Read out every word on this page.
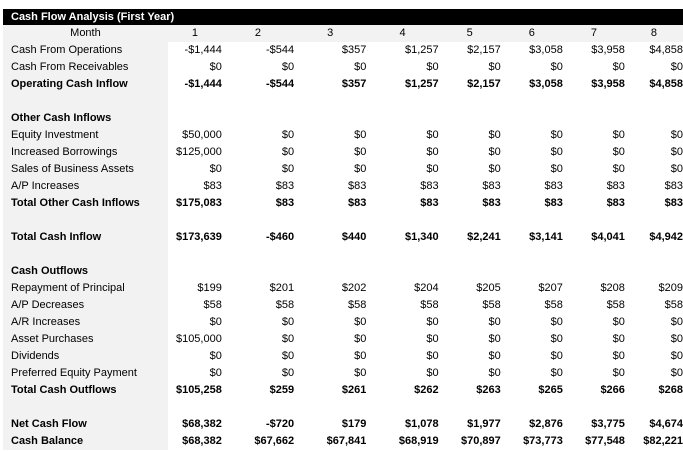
Cash Flow Analysis (First Year)
Month	1	2	3	4	5	6	7	8
Cash From Operations	-$1,444	-$544	$357	$1,257	$2,157	$3,058	$3,958	$4,858
Cash From Receivables	$0	$0	$0	$0	$0	$0	$0	$0
Operating Cash Inflow	-$1,444	-$544	$357	$1,257	$2,157	$3,058	$3,958	$4,858

Other Cash Inflows								
Equity Investment	$50,000	$0	$0	$0	$0	$0	$0	$0
Increased Borrowings	$125,000	$0	$0	$0	$0	$0	$0	$0
Sales of Business Assets	$0	$0	$0	$0	$0	$0	$0	$0
A/P Increases	$83	$83	$83	$83	$83	$83	$83	$83
Total Other Cash Inflows	$175,083	$83	$83	$83	$83	$83	$83	$83

Total Cash Inflow	$173,639	-$460	$440	$1,340	$2,241	$3,141	$4,041	$4,942

Cash Outflows								
Repayment of Principal	$199	$201	$202	$204	$205	$207	$208	$209
A/P Decreases	$58	$58	$58	$58	$58	$58	$58	$58
A/R Increases	$0	$0	$0	$0	$0	$0	$0	$0
Asset Purchases	$105,000	$0	$0	$0	$0	$0	$0	$0
Dividends	$0	$0	$0	$0	$0	$0	$0	$0
Preferred Equity Payment	$0	$0	$0	$0	$0	$0	$0	$0
Total Cash Outflows	$105,258	$259	$261	$262	$263	$265	$266	$268

Net Cash Flow	$68,382	-$720	$179	$1,078	$1,977	$2,876	$3,775	$4,674
Cash Balance	$68,382	$67,662	$67,841	$68,919	$70,897	$73,773	$77,548	$82,221
